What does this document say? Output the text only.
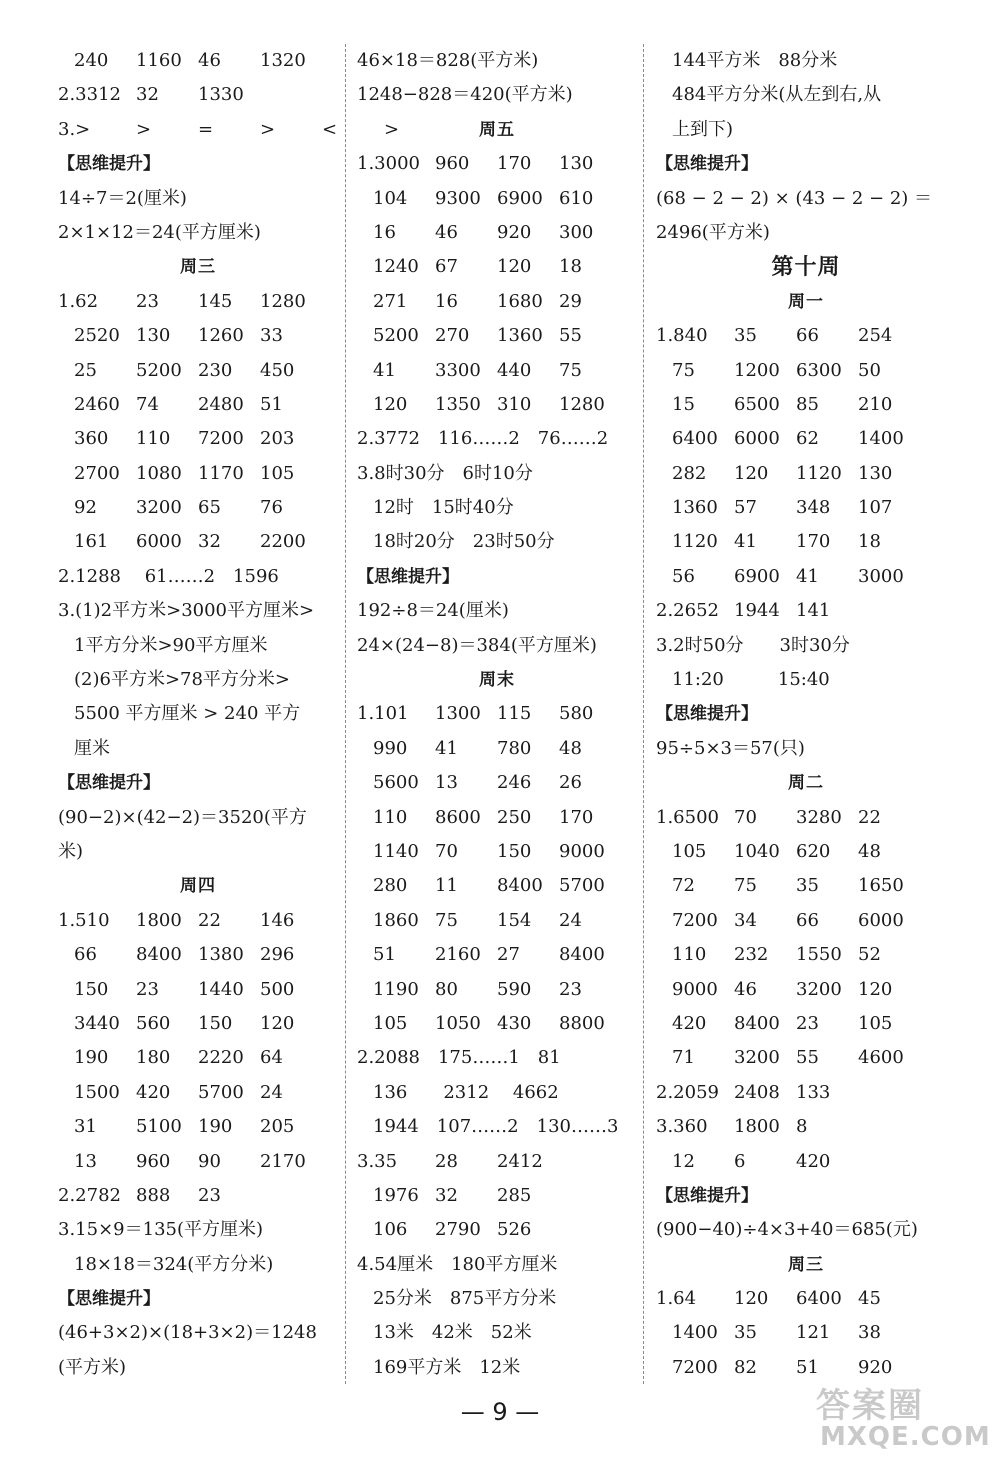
240 1160 46 1320
2.3312 32 1330
3.>	>	=	>	<	>
【思维提升】
14÷7＝2(厘米)
2×1×12＝24(平方厘米)
周三
1.62 23 145 1280
2520 130 1260 33
25 5200 230 450
2460 74 2480 51
360 110 7200 203
2700 1080 1170 105
92 3200 65 76
161 6000 32 2200
2.1288　 61……2　1596
3.(1)2平方米>3000平方厘米>
1平方分米>90平方厘米
(2)6平方米>78平方分米>
5500 平方厘米 > 240 平方
厘米
【思维提升】
(90−2)×(42−2)＝3520(平方
米)
周四
1.510 1800 22 146
66 8400 1380 296
150 23 1440 500
3440 560 150 120
190 180 2220 64
1500 420 5700 24
31 5100 190 205
13 960 90 2170
2.2782 888 23
3.15×9＝135(平方厘米)
18×18＝324(平方分米)
【思维提升】
(46+3×2)×(18+3×2)＝1248
(平方米)
46×18＝828(平方米)
1248−828＝420(平方米)
周五
1.3000 960 170 130
104 9300 6900 610
16 46 920 300
1240 67 120 18
271 16 1680 29
5200 270 1360 55
41 3300 440 75
120 1350 310 1280
2.3772　116……2　76……2
3.8时30分　6时10分
12时　15时40分
18时20分　23时50分
【思维提升】
192÷8＝24(厘米)
24×(24−8)＝384(平方厘米)
周末
1.101 1300 115 580
990 41 780 48
5600 13 246 26
110 8600 250 170
1140 70 150 9000
280 11 8400 5700
1860 75 154 24
51 2160 27 8400
1190 80 590 23
105 1050 430 8800
2.2088　175……1　81
136　　2312　 4662
1944　107……2　130……3
3.35 28 2412
1976 32 285
106 2790 526
4.54厘米　180平方厘米
25分米　875平方分米
13米　42米　52米
169平方米　12米
144平方米　88分米
484平方分米(从左到右,从
上到下)
【思维提升】
(68 − 2 − 2) × (43 − 2 − 2) ＝
2496(平方米)
第十周
周一
1.840 35 66 254
75 1200 6300 50
15 6500 85 210
6400 6000 62 1400
282 120 1120 130
1360 57 348 107
1120 41 170 18
56 6900 41 3000
2.2652 1944 141
3.2时50分　　3时30分
11:20　　　15:40
【思维提升】
95÷5×3＝57(只)
周二
1.6500 70 3280 22
105 1040 620 48
72 75 35 1650
7200 34 66 6000
110 232 1550 52
9000 46 3200 120
420 8400 23 105
71 3200 55 4600
2.2059 2408 133
3.360 1800 8
12 6	420
【思维提升】
(900−40)÷4×3+40＝685(元)
周三
1.64 120 6400 45
1400 35 121 38
7200 82 51 920
— 9 —	答案圈
MXQE.COM
